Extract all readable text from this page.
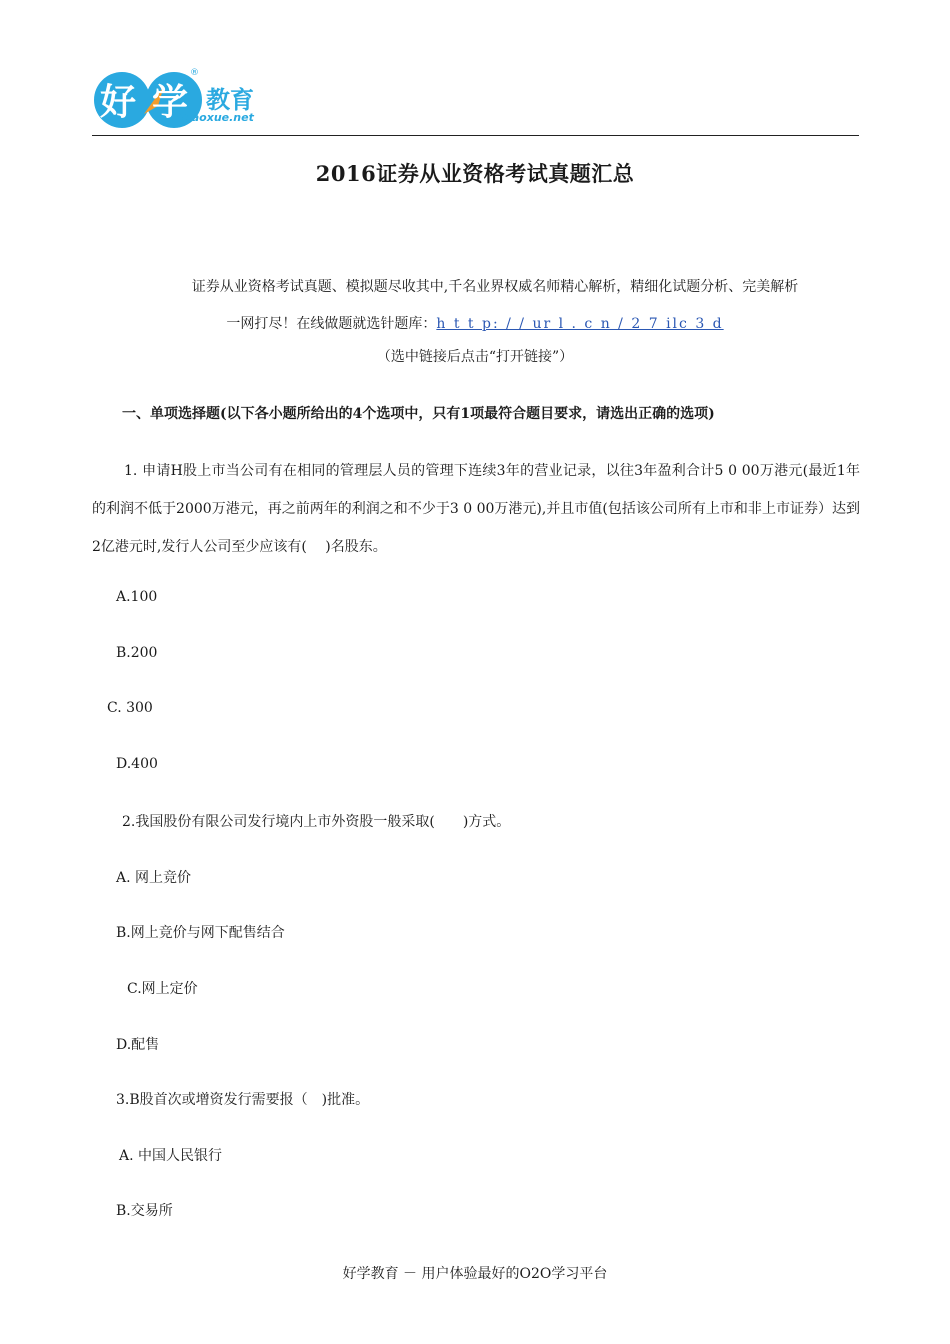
好 学 教育
®
Shaoxue.net
2016证券从业资格考试真题汇总
证券从业资格考试真题、模拟题尽收其中,千名业界权威名师精心解析，精细化试题分析、完美解析
一网打尽！在线做题就选针题库：h t t p: / / ur l . c n / 2 7 ilc 3 d
（选中链接后点击“打开链接”）
一、单项选择题(以下各小题所给出的4个选项中，只有1项最符合题目要求，请选出正确的选项)
1. 申请H股上市当公司有在相同的管理层人员的管理下连续3年的营业记录，以往3年盈利合计5 0 00万港元(最近1年的利润不低于2000万港元，再之前两年的利润之和不少于3 0 00万港元),并且市值(包括该公司所有上市和非上市证券）达到2亿港元时,发行人公司至少应该有(　 )名股东。
A.100
B.200
C. 300
D.400
2.我国股份有限公司发行境内上市外资股一般采取(　　)方式。
A. 网上竞价
B.网上竞价与网下配售结合
C.网上定价
D.配售
3.B股首次或增资发行需要报（　)批准。
A. 中国人民银行
B.交易所
好学教育 － 用户体验最好的O2O学习平台
